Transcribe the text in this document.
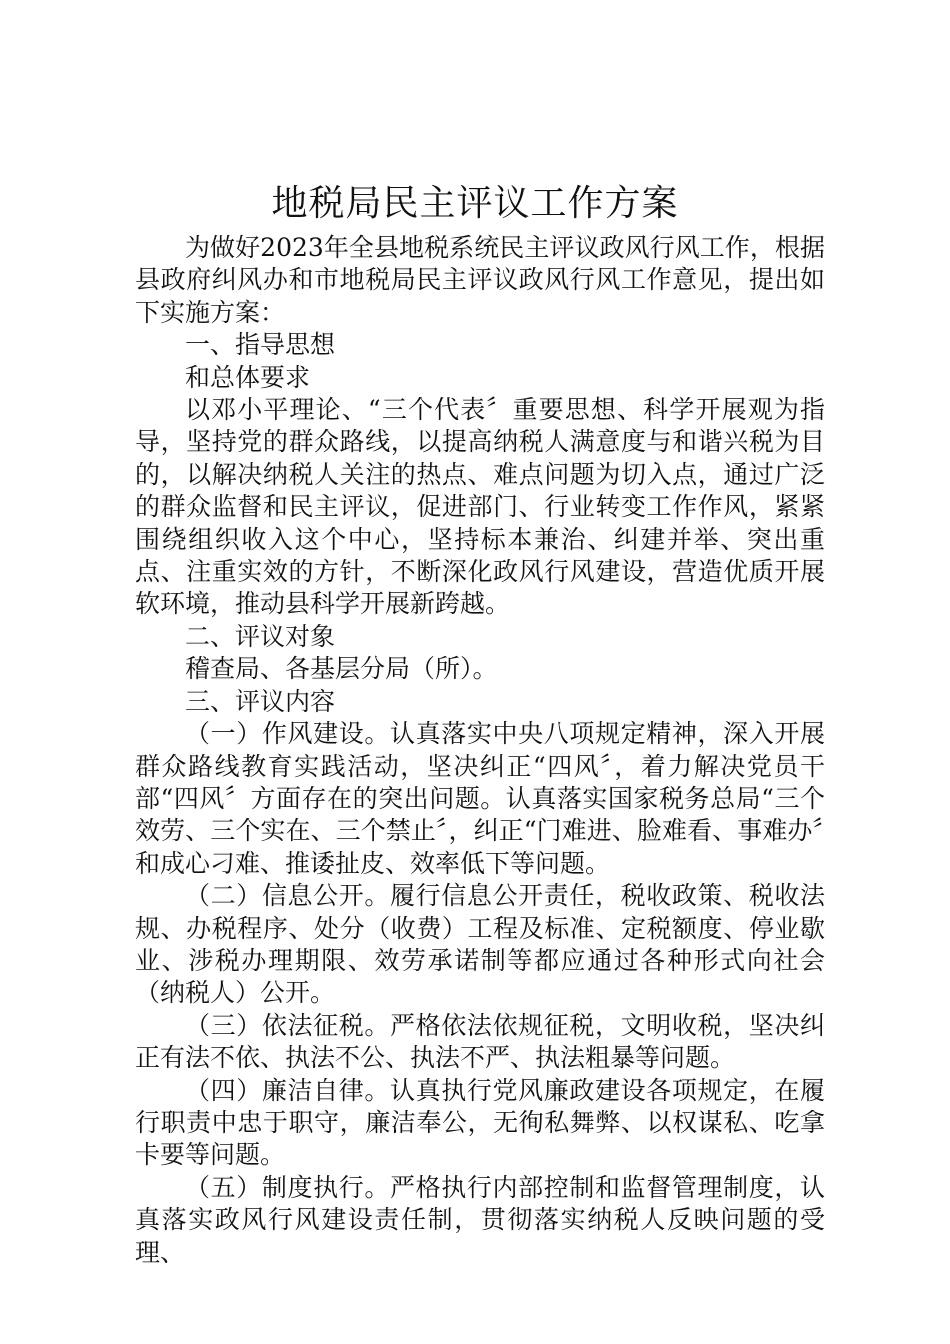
地税局民主评议工作方案

为做好2023年全县地税系统民主评议政风行风工作，根据县政府纠风办和市地税局民主评议政风行风工作意见，提出如下实施方案：

一、指导思想

和总体要求

以邓小平理论、“三个代表〞重要思想、科学开展观为指导，坚持党的群众路线，以提高纳税人满意度与和谐兴税为目的，以解决纳税人关注的热点、难点问题为切入点，通过广泛的群众监督和民主评议，促进部门、行业转变工作作风，紧紧围绕组织收入这个中心，坚持标本兼治、纠建并举、突出重点、注重实效的方针，不断深化政风行风建设，营造优质开展软环境，推动县科学开展新跨越。

二、评议对象

稽查局、各基层分局（所）。

三、评议内容

（一）作风建设。认真落实中央八项规定精神，深入开展群众路线教育实践活动，坚决纠正“四风〞，着力解决党员干部“四风〞方面存在的突出问题。认真落实国家税务总局“三个效劳、三个实在、三个禁止〞，纠正“门难进、脸难看、事难办〞和成心刁难、推诿扯皮、效率低下等问题。

（二）信息公开。履行信息公开责任，税收政策、税收法规、办税程序、处分（收费）工程及标准、定税额度、停业歇业、涉税办理期限、效劳承诺制等都应通过各种形式向社会（纳税人）公开。

（三）依法征税。严格依法依规征税，文明收税，坚决纠正有法不依、执法不公、执法不严、执法粗暴等问题。

（四）廉洁自律。认真执行党风廉政建设各项规定，在履行职责中忠于职守，廉洁奉公，无徇私舞弊、以权谋私、吃拿卡要等问题。

（五）制度执行。严格执行内部控制和监督管理制度，认真落实政风行风建设责任制，贯彻落实纳税人反映问题的受理、
